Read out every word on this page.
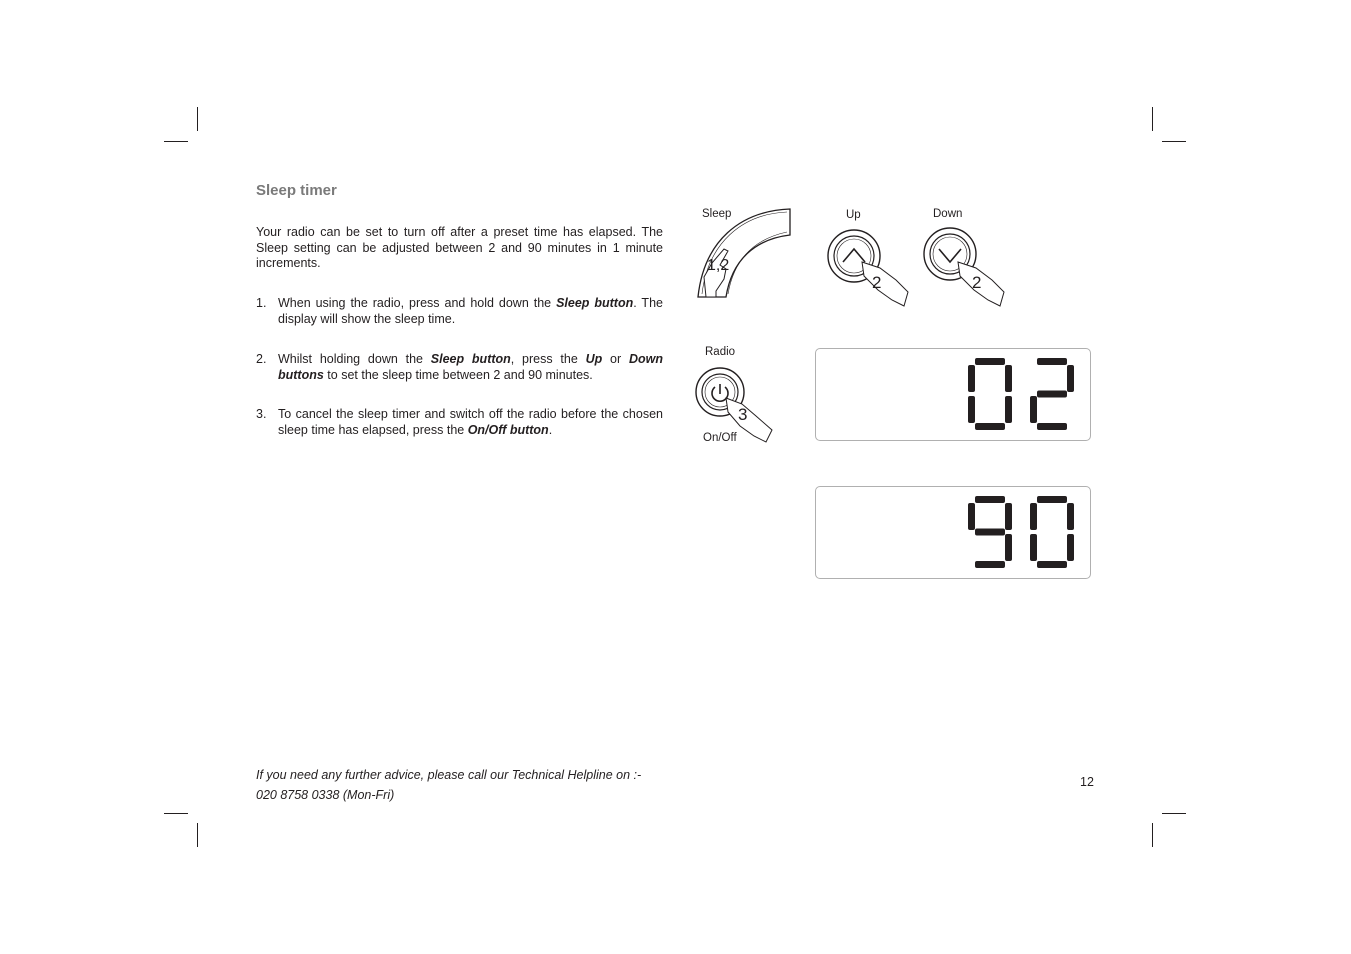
Sleep timer
Your radio can be set to turn off after a preset time has elapsed. The Sleep setting can be adjusted between 2 and 90 minutes in 1 minute increments.
1. When using the radio, press and hold down the Sleep button. The display will show the sleep time.
2. Whilst holding down the Sleep button, press the Up or Down buttons to set the sleep time between 2 and 90 minutes.
3. To cancel the sleep timer and switch off the radio before the chosen sleep time has elapsed, press the On/Off button.
Sleep
1,2
Up
2
Down
2
Radio
3
On/Off
If you need any further advice, please call our Technical Helpline on :-
020 8758 0338 (Mon-Fri)
12
